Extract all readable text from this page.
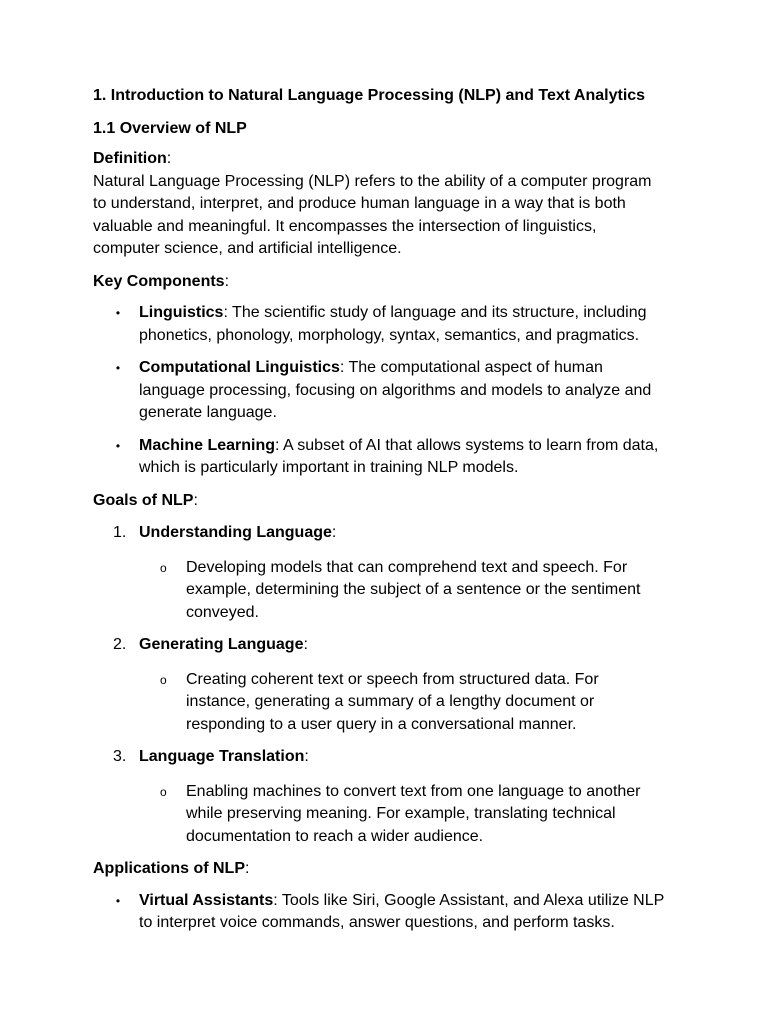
1. Introduction to Natural Language Processing (NLP) and Text Analytics
1.1 Overview of NLP
Definition:
Natural Language Processing (NLP) refers to the ability of a computer program
to understand, interpret, and produce human language in a way that is both
valuable and meaningful. It encompasses the intersection of linguistics,
computer science, and artificial intelligence.
Key Components:
• Linguistics: The scientific study of language and its structure, including
phonetics, phonology, morphology, syntax, semantics, and pragmatics.
• Computational Linguistics: The computational aspect of human
language processing, focusing on algorithms and models to analyze and
generate language.
• Machine Learning: A subset of AI that allows systems to learn from data,
which is particularly important in training NLP models.
Goals of NLP:
1. Understanding Language:
o Developing models that can comprehend text and speech. For
example, determining the subject of a sentence or the sentiment
conveyed.
2. Generating Language:
o Creating coherent text or speech from structured data. For
instance, generating a summary of a lengthy document or
responding to a user query in a conversational manner.
3. Language Translation:
o Enabling machines to convert text from one language to another
while preserving meaning. For example, translating technical
documentation to reach a wider audience.
Applications of NLP:
• Virtual Assistants: Tools like Siri, Google Assistant, and Alexa utilize NLP
to interpret voice commands, answer questions, and perform tasks.
